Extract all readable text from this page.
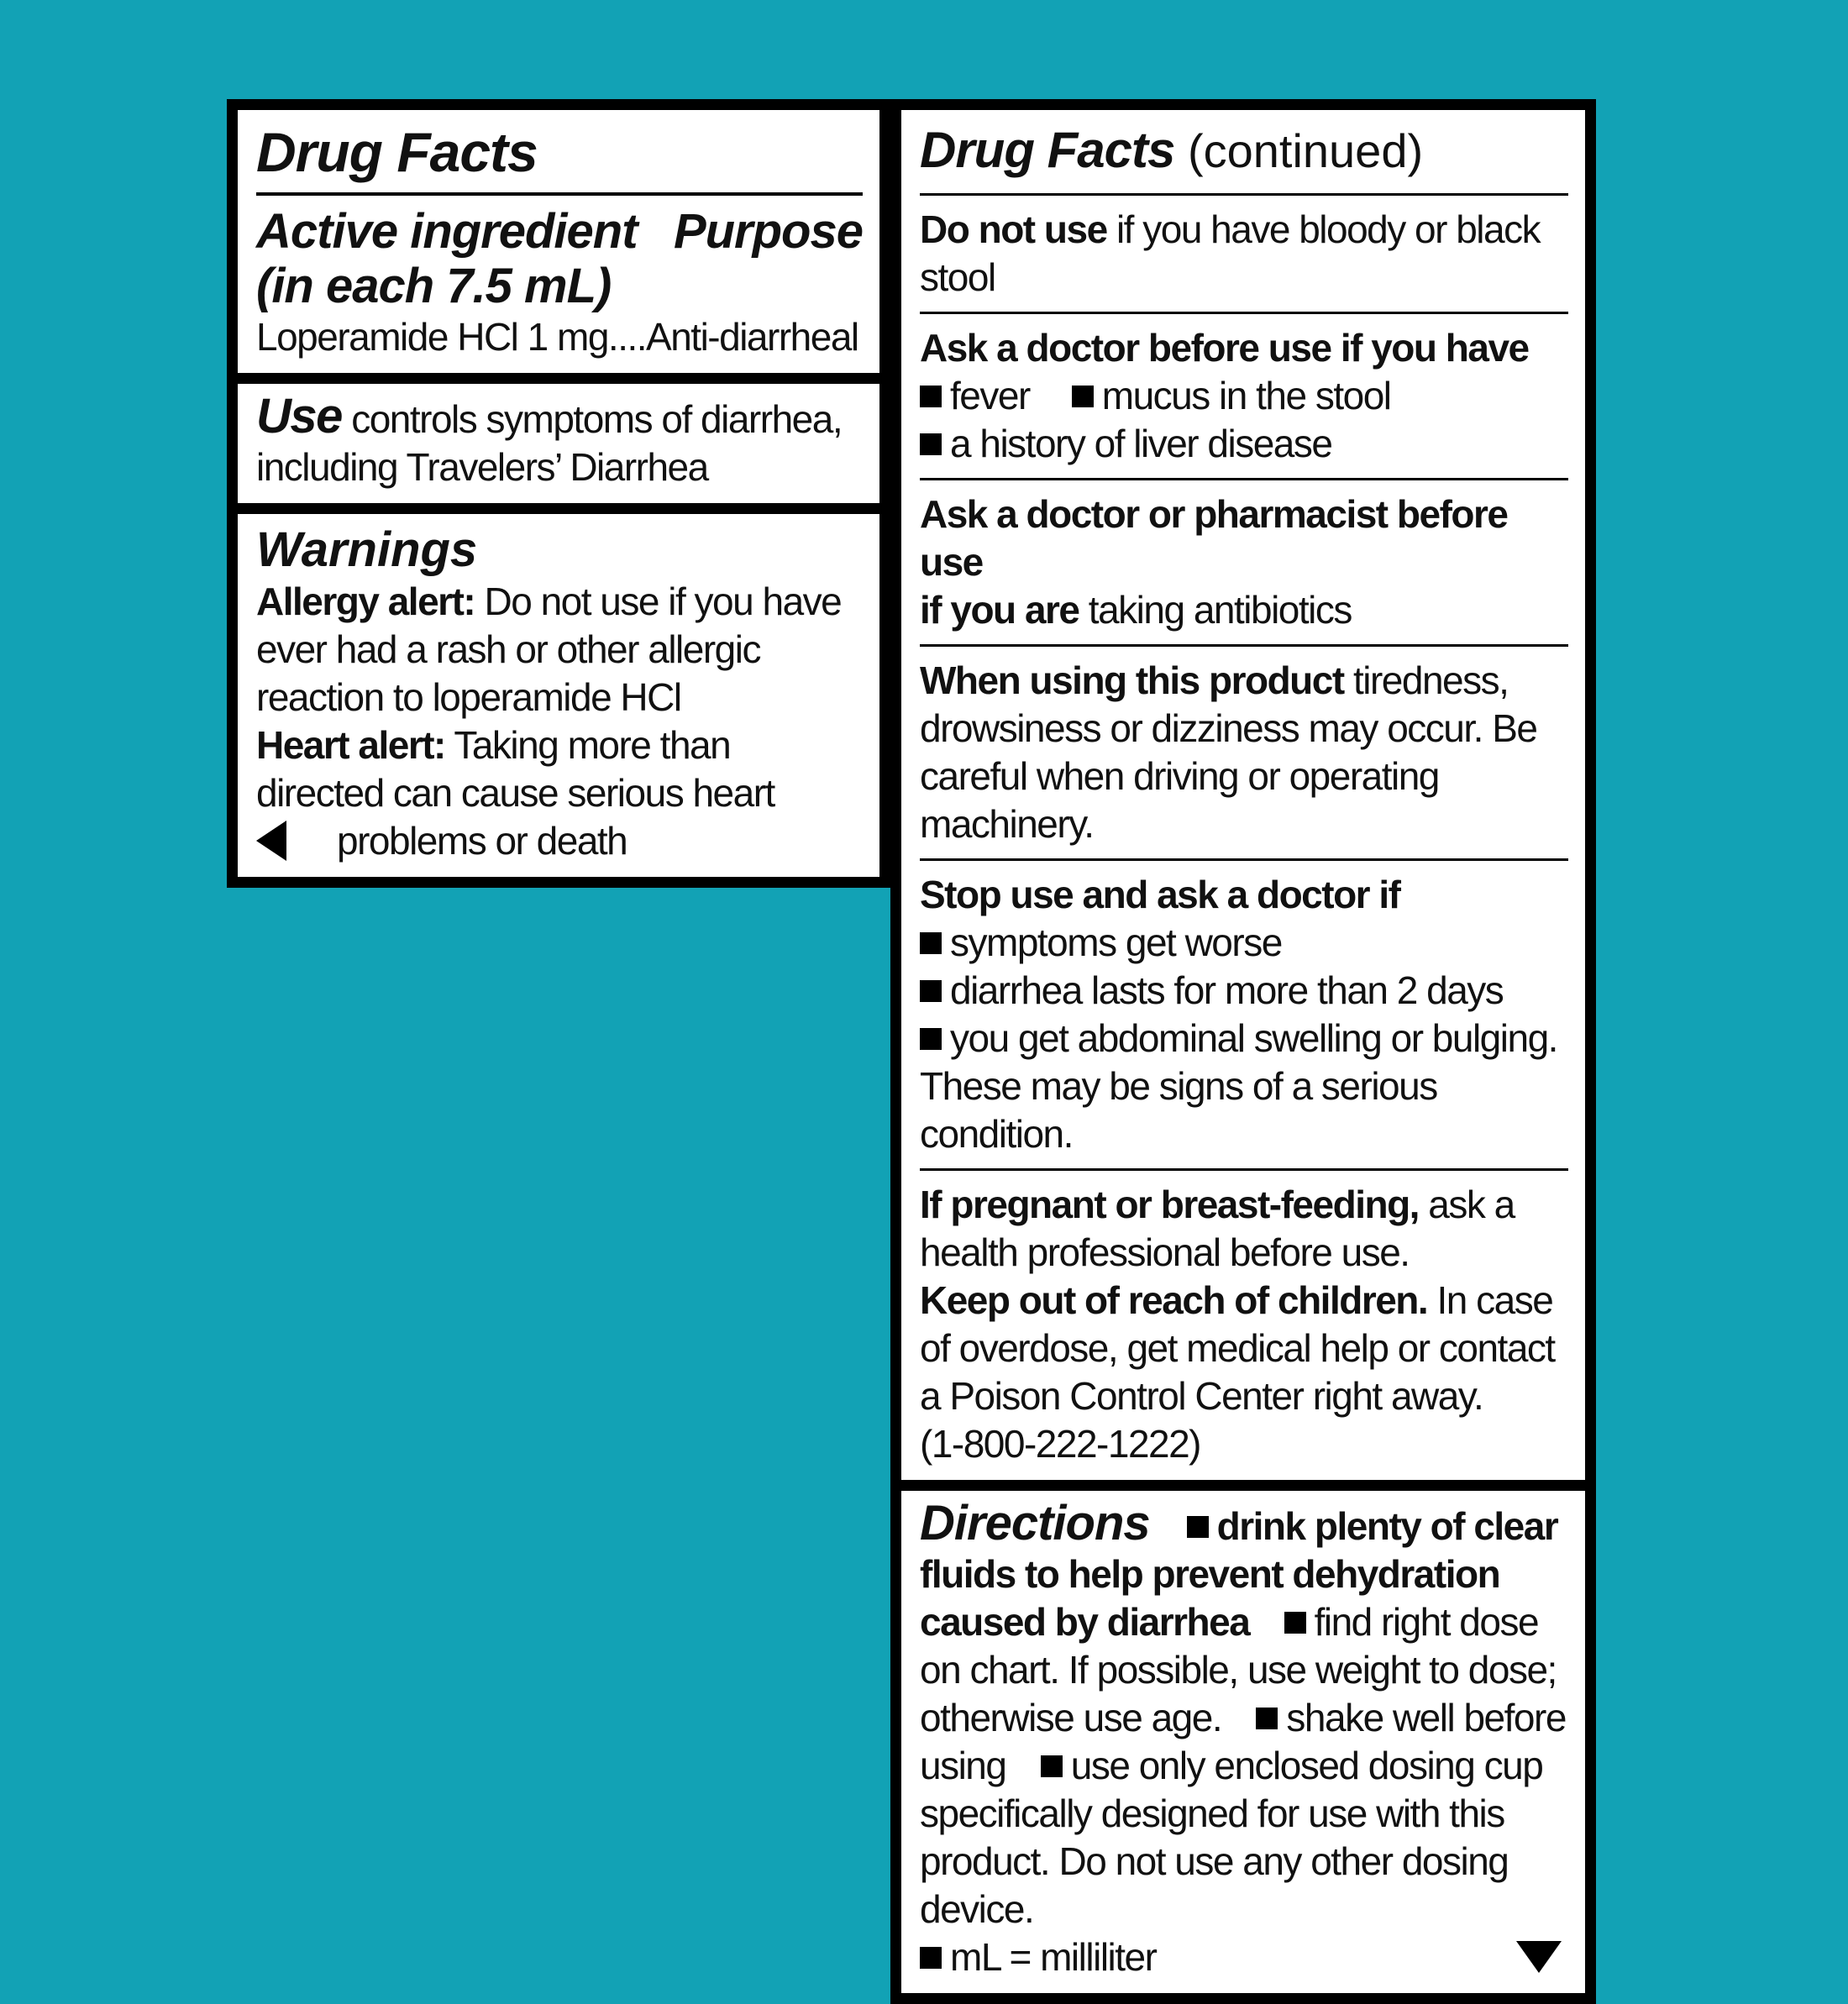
Drug Facts
Active ingredient
(in each 7.5 mL)
Purpose
Loperamide HCl 1 mg....Anti-diarrheal
Use controls symptoms of diarrhea, including Travelers’ Diarrhea
Warnings
Allergy alert: Do not use if you have ever had a rash or other allergic reaction to loperamide HCl
Heart alert: Taking more than directed can cause serious heart
problems or death
Drug Facts (continued)
Do not use if you have bloody or black stool
Ask a doctor before use if you have
fever mucus in the stool
a history of liver disease
Ask a doctor or pharmacist before use
if you are taking antibiotics
When using this product tiredness, drowsiness or dizziness may occur. Be careful when driving or operating machinery.
Stop use and ask a doctor if
symptoms get worse
diarrhea lasts for more than 2 days
you get abdominal swelling or bulging.
These may be signs of a serious condition.
If pregnant or breast-feeding, ask a health professional before use.
Keep out of reach of children. In case of overdose, get medical help or contact a Poison Control Center right away.
(1-800-222-1222)
Directions drink plenty of clear fluids to help prevent dehydration caused by diarrhea find right dose on chart. If possible, use weight to dose; otherwise use age. shake well before using use only enclosed dosing cup specifically designed for use with this product. Do not use any other dosing device.
mL = milliliter
